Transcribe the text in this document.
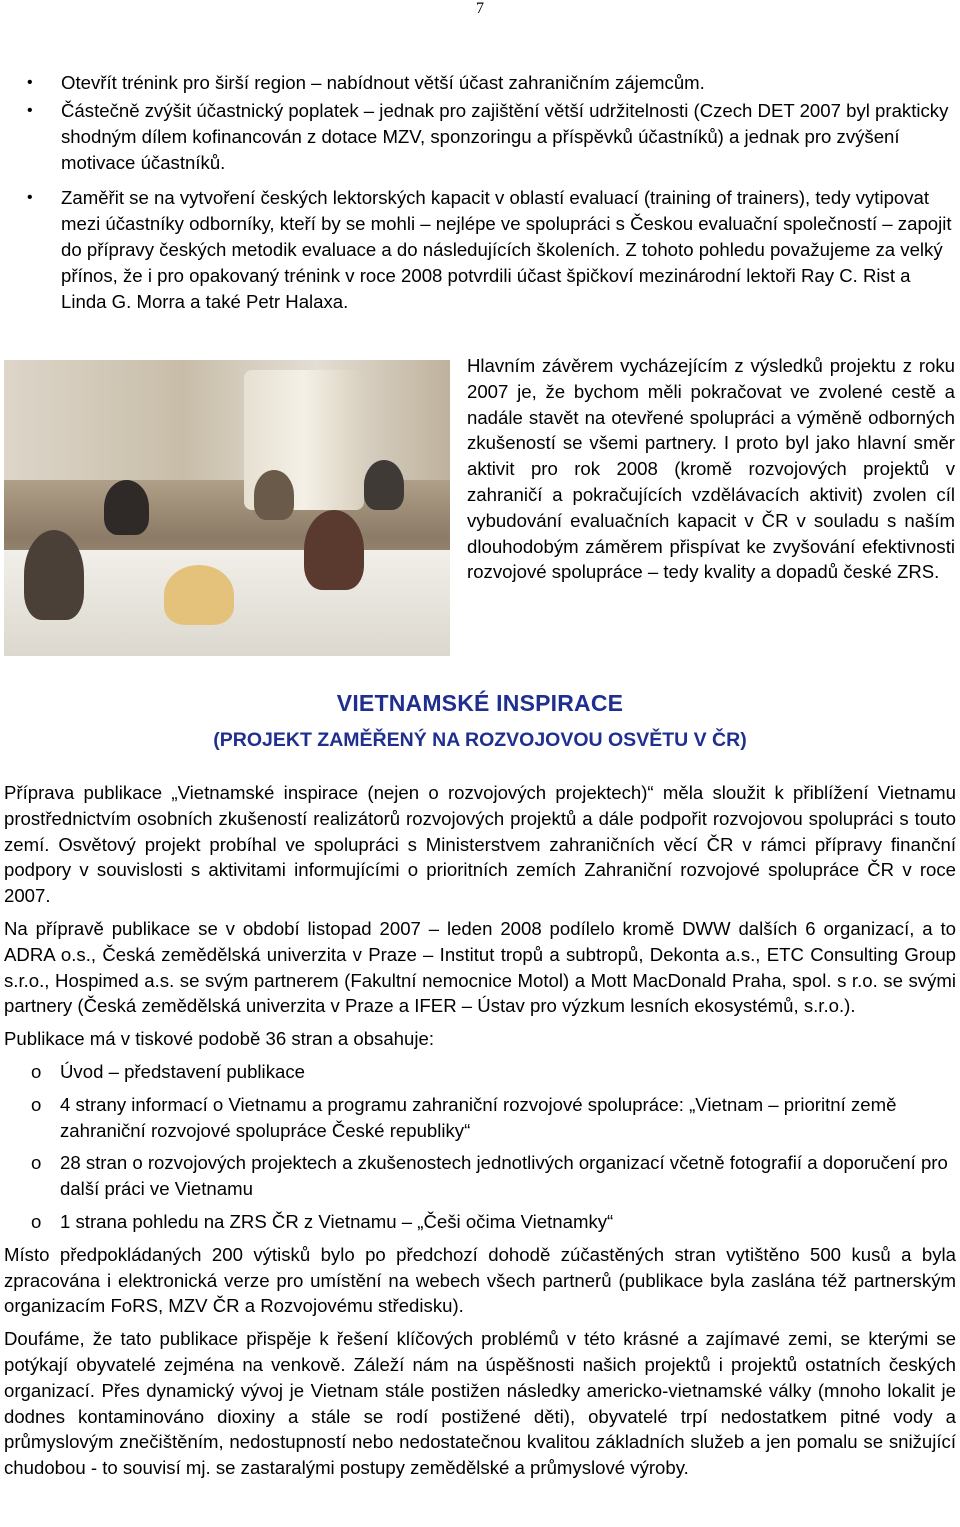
7
• Otevřít trénink pro širší region – nabídnout větší účast zahraničním zájemcům.
• Částečně zvýšit účastnický poplatek – jednak pro zajištění větší udržitelnosti (Czech DET 2007 byl prakticky shodným dílem kofinancován z dotace MZV, sponzoringu a příspěvků účastníků) a jednak pro zvýšení motivace účastníků.
• Zaměřit se na vytvoření českých lektorských kapacit v oblastí evaluací (training of trainers), tedy vytipovat mezi účastníky odborníky, kteří by se mohli – nejlépe ve spolupráci s Českou evaluační společností – zapojit do přípravy českých metodik evaluace a do následujících školeních. Z tohoto pohledu považujeme za velký přínos, že i pro opakovaný trénink v roce 2008 potvrdili účast špičkoví mezinárodní lektoři Ray C. Rist a Linda G. Morra a také Petr Halaxa.
Hlavním závěrem vycházejícím z výsledků projektu z roku 2007 je, že bychom měli pokračovat ve zvolené cestě a nadále stavět na otevřené spolupráci a výměně odborných zkušeností se všemi partnery. I proto byl jako hlavní směr aktivit pro rok 2008 (kromě rozvojových projektů v zahraničí a pokračujících vzdělávacích aktivit) zvolen cíl vybudování evaluačních kapacit v ČR v souladu s naším dlouhodobým záměrem přispívat ke zvyšování efektivnosti rozvojové spolupráce – tedy kvality a dopadů české ZRS.
VIETNAMSKÉ INSPIRACE
(PROJEKT ZAMĚŘENÝ NA ROZVOJOVOU OSVĚTU V ČR)

Příprava publikace „Vietnamské inspirace (nejen o rozvojových projektech)“ měla sloužit k přiblížení Vietnamu prostřednictvím osobních zkušeností realizátorů rozvojových projektů a dále podpořit rozvojovou spolupráci s touto zemí. Osvětový projekt probíhal ve spolupráci s Ministerstvem zahraničních věcí ČR v rámci přípravy finanční podpory v souvislosti s aktivitami informujícími o prioritních zemích Zahraniční rozvojové spolupráce ČR v roce 2007.

Na přípravě publikace se v období listopad 2007 – leden 2008 podílelo kromě DWW dalších 6 organizací, a to ADRA o.s., Česká zemědělská univerzita v Praze – Institut tropů a subtropů, Dekonta a.s., ETC Consulting Group s.r.o., Hospimed a.s. se svým partnerem (Fakultní nemocnice Motol) a Mott MacDonald Praha, spol. s r.o. se svými partnery (Česká zemědělská univerzita v Praze a IFER – Ústav pro výzkum lesních ekosystémů, s.r.o.).

Publikace má v tiskové podobě 36 stran a obsahuje:

o Úvod – představení publikace
o 4 strany informací o Vietnamu a programu zahraniční rozvojové spolupráce: „Vietnam – prioritní země zahraniční rozvojové spolupráce České republiky“
o 28 stran o rozvojových projektech a zkušenostech jednotlivých organizací včetně fotografií a doporučení pro další práci ve Vietnamu
o 1 strana pohledu na ZRS ČR z Vietnamu – „Češi očima Vietnamky“

Místo předpokládaných 200 výtisků bylo po předchozí dohodě zúčastěných stran vytištěno 500 kusů a byla zpracována i elektronická verze pro umístění na webech všech partnerů (publikace byla zaslána též partnerským organizacím FoRS, MZV ČR a Rozvojovému středisku).

Doufáme, že tato publikace přispěje k řešení klíčových problémů v této krásné a zajímavé zemi, se kterými se potýkají obyvatelé zejména na venkově. Záleží nám na úspěšnosti našich projektů i projektů ostatních českých organizací. Přes dynamický vývoj je Vietnam stále postižen následky americko-vietnamské války (mnoho lokalit je dodnes kontaminováno dioxiny a stále se rodí postižené děti), obyvatelé trpí nedostatkem pitné vody a průmyslovým znečištěním, nedostupností nebo nedostatečnou kvalitou základních služeb a jen pomalu se snižující chudobou - to souvisí mj. se zastaralými postupy zemědělské a průmyslové výroby.
